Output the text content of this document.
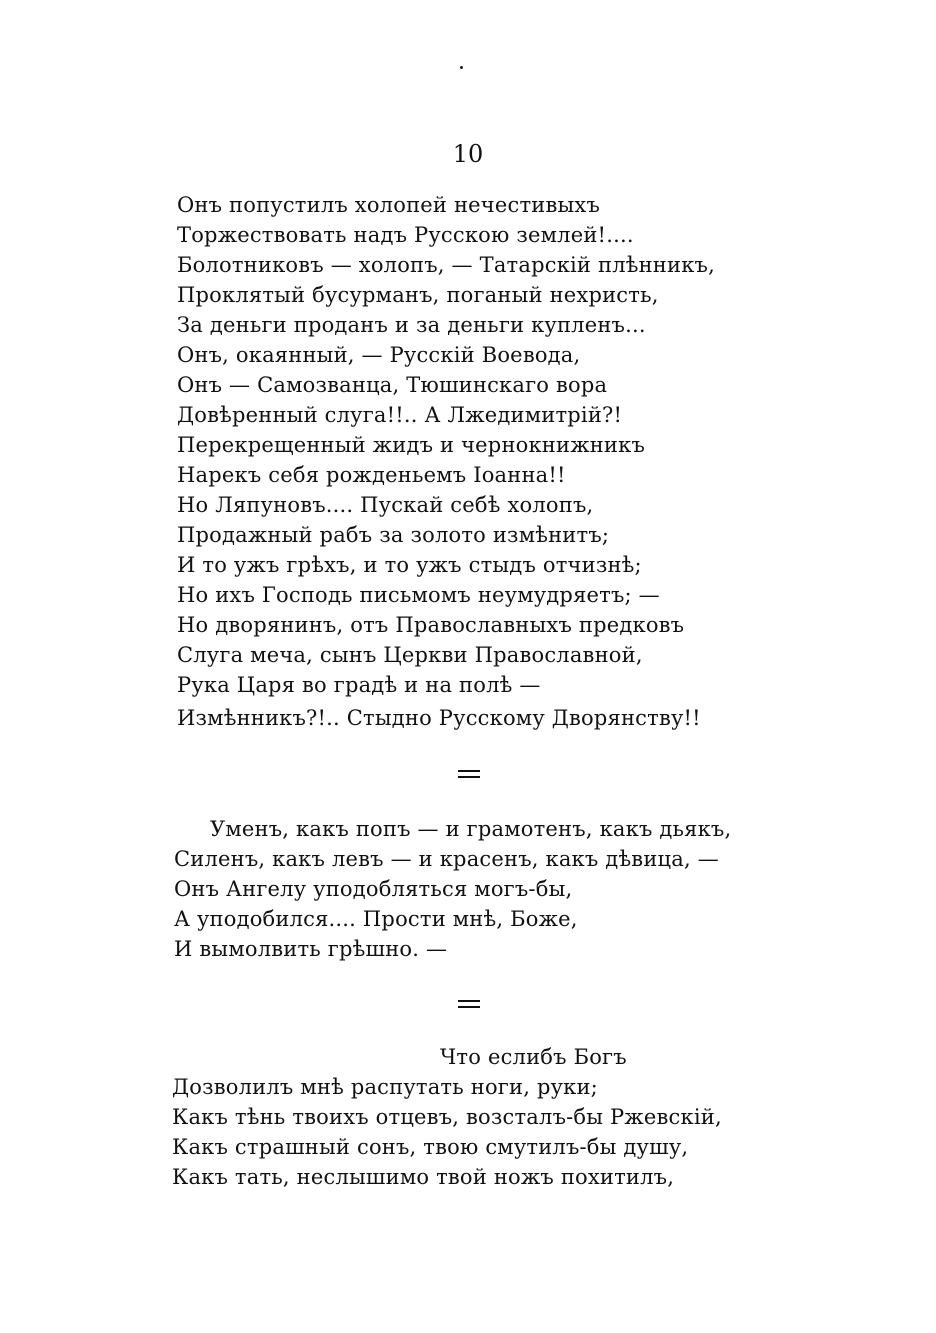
10
Онъ попустилъ холопей нечестивыхъ
Торжествовать надъ Русскою землей!....
Болотниковъ — холопъ, — Татарскій плѣнникъ,
Проклятый бусурманъ, поганый нехристь,
За деньги проданъ и за деньги купленъ...
Онъ, окаянный, — Русскій Воевода,
Онъ — Самозванца, Тюшинскаго вора
Довѣренный слуга!!.. А Лжедимитрій?!
Перекрещенный жидъ и чернокнижникъ
Нарекъ себя рожденьемъ Іоанна!!
Но Ляпуновъ.... Пускай себѣ холопъ,
Продажный рабъ за золото измѣнитъ;
И то ужъ грѣхъ, и то ужъ стыдъ отчизнѣ;
Но ихъ Господь письмомъ неумудряетъ; —
Но дворянинъ, отъ Православныхъ предковъ
Слуга меча, сынъ Церкви Православной,
Рука Царя во градѣ и на полѣ —
Измѣнникъ?!.. Стыдно Русскому Дворянству!!
Уменъ, какъ попъ — и грамотенъ, какъ дьякъ,
Силенъ, какъ левъ — и красенъ, какъ дѣвица, —
Онъ Ангелу уподобляться могъ-бы,
А уподобился.... Прости мнѣ, Боже,
И вымолвить грѣшно. —
Что еслибъ Богъ
Дозволилъ мнѣ распутать ноги, руки;
Какъ тѣнь твоихъ отцевъ, возсталъ-бы Ржевскій,
Какъ страшный сонъ, твою смутилъ-бы душу,
Какъ тать, неслышимо твой ножъ похитилъ,
